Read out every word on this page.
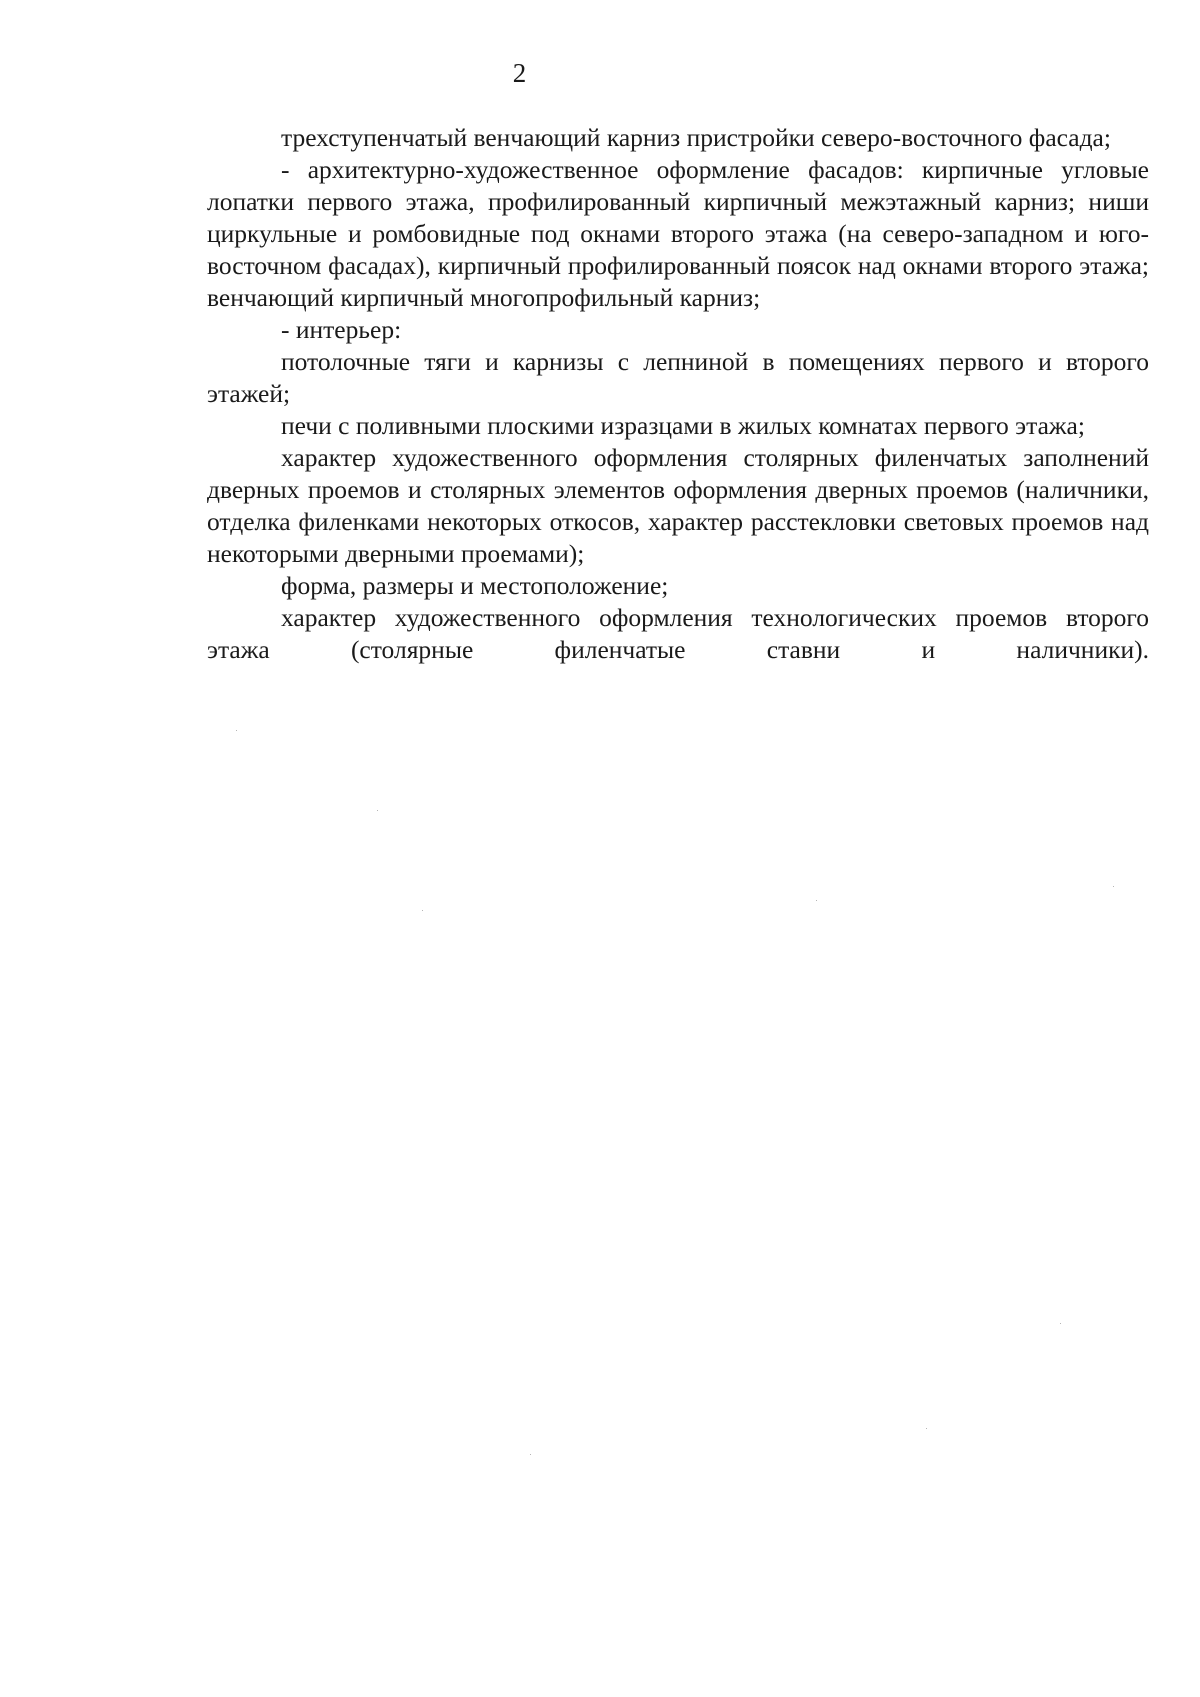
2

трехступенчатый венчающий карниз пристройки северо-восточного фасада;

- архитектурно-художественное оформление фасадов: кирпичные угловые лопатки первого этажа, профилированный кирпичный межэтажный карниз; ниши циркульные и ромбовидные под окнами второго этажа (на северо-западном и юго-восточном фасадах), кирпичный профилированный поясок над окнами второго этажа; венчающий кирпичный многопрофильный карниз;

- интерьер:

потолочные тяги и карнизы с лепниной в помещениях первого и второго этажей;

печи с поливными плоскими изразцами в жилых комнатах первого этажа;

характер художественного оформления столярных филенчатых заполнений дверных проемов и столярных элементов оформления дверных проемов (наличники, отделка филенками некоторых откосов, характер расстекловки световых проемов над некоторыми дверными проемами);

форма, размеры и местоположение;

характер художественного оформления технологических проемов второго этажа (столярные филенчатые ставни и наличники).
